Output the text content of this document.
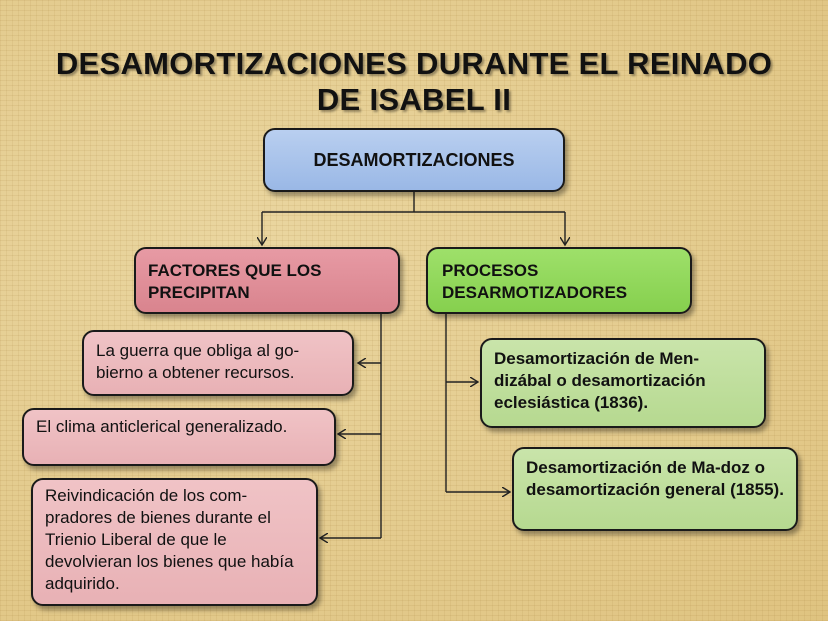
DESAMORTIZACIONES DURANTE EL REINADO
DE ISABEL II
DESAMORTIZACIONES
FACTORES QUE LOS PRECIPITAN
PROCESOS DESARMOTIZADORES
La guerra que obliga al go-bierno a obtener recursos.
El clima anticlerical generalizado.
Reivindicación de los com-pradores de bienes durante el Trienio Liberal de que le devolvieran los bienes que había adquirido.
Desamortización de Men-dizábal o desamortización eclesiástica (1836).
Desamortización de Ma-doz o desamortización general (1855).
